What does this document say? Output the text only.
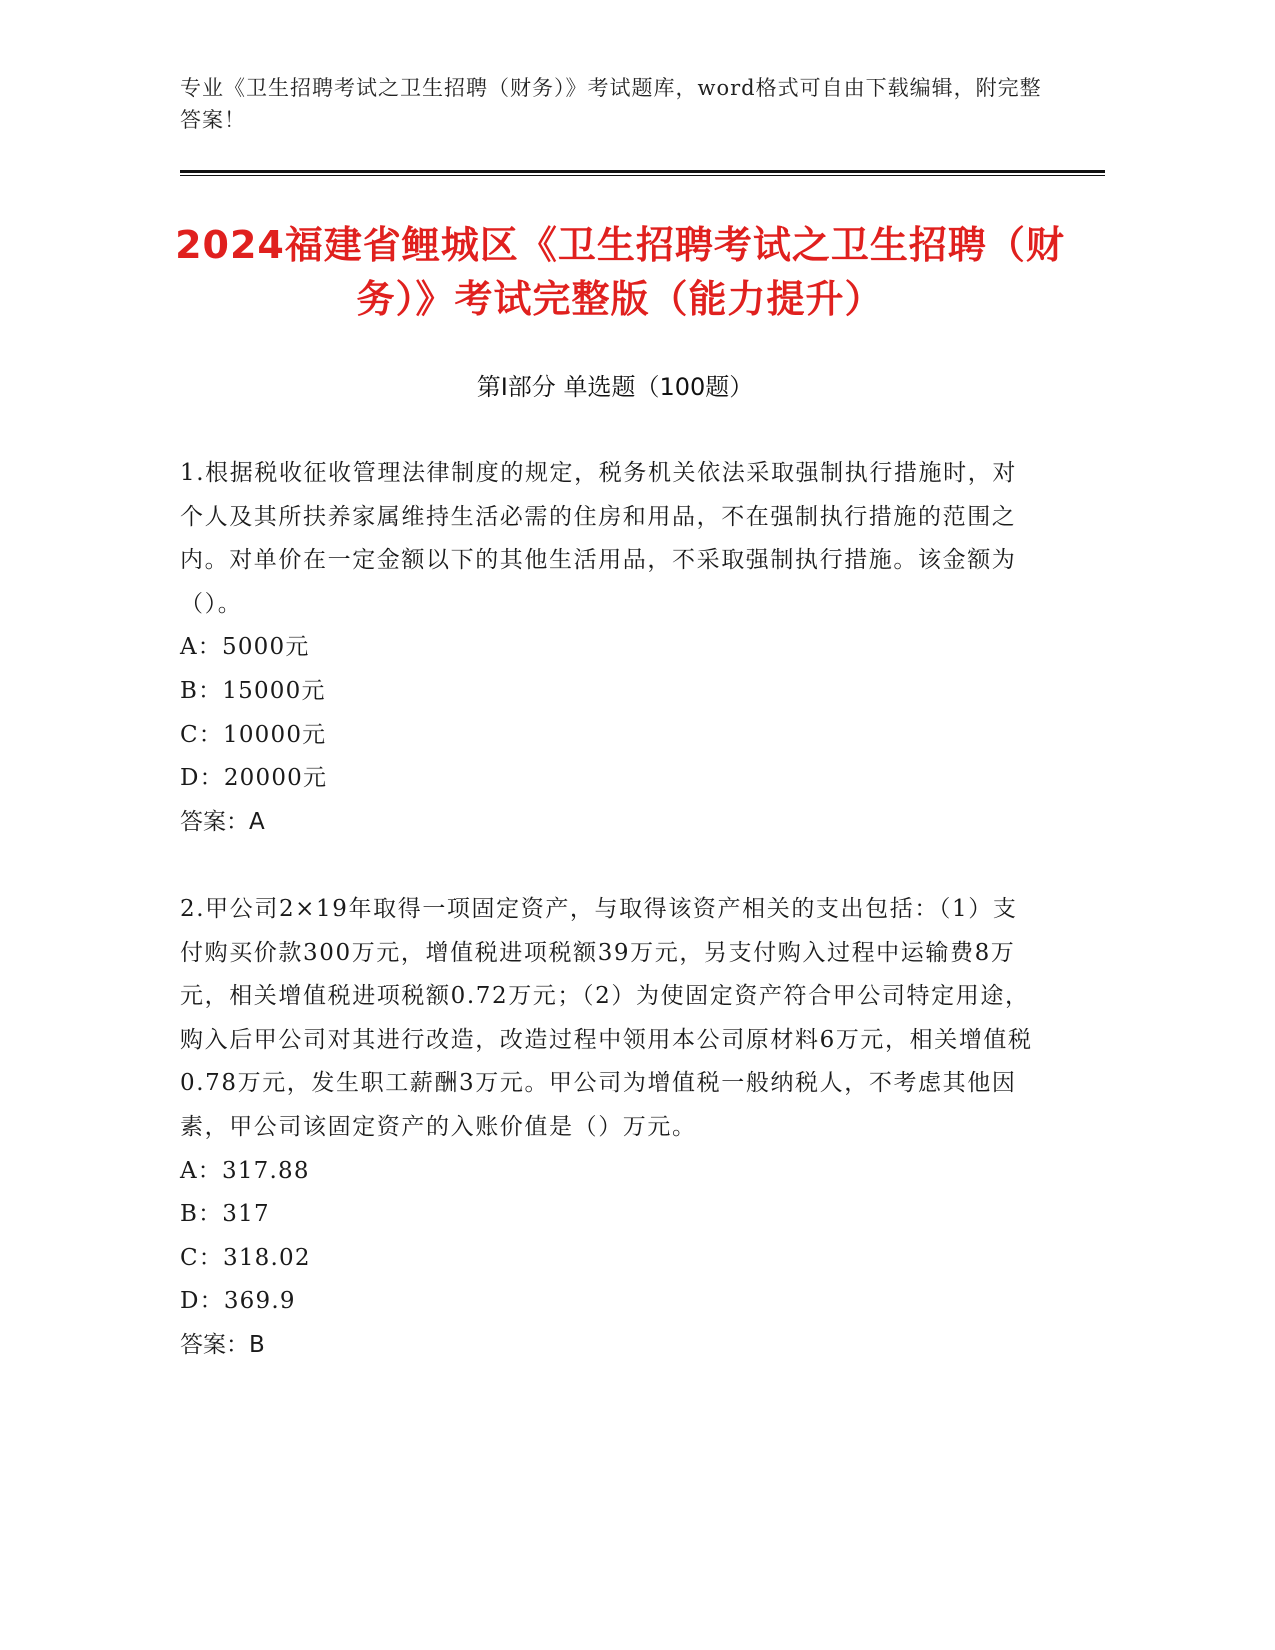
专业《卫生招聘考试之卫生招聘（财务）》考试题库，word格式可自由下载编辑，附完整答案！
2024福建省鲤城区《卫生招聘考试之卫生招聘（财务）》考试完整版（能力提升）
第Ⅰ部分 单选题（100题）

1.根据税收征收管理法律制度的规定，税务机关依法采取强制执行措施时，对个人及其所扶养家属维持生活必需的住房和用品，不在强制执行措施的范围之内。对单价在一定金额以下的其他生活用品，不采取强制执行措施。该金额为（）。

A：5000元

B：15000元

C：10000元

D：20000元

答案：A

2.甲公司2×19年取得一项固定资产，与取得该资产相关的支出包括：（1）支付购买价款300万元，增值税进项税额39万元，另支付购入过程中运输费8万元，相关增值税进项税额0.72万元；（2）为使固定资产符合甲公司特定用途，购入后甲公司对其进行改造，改造过程中领用本公司原材料6万元，相关增值税0.78万元，发生职工薪酬3万元。甲公司为增值税一般纳税人，不考虑其他因素，甲公司该固定资产的入账价值是（）万元。

A：317.88

B：317

C：318.02

D：369.9

答案：B
